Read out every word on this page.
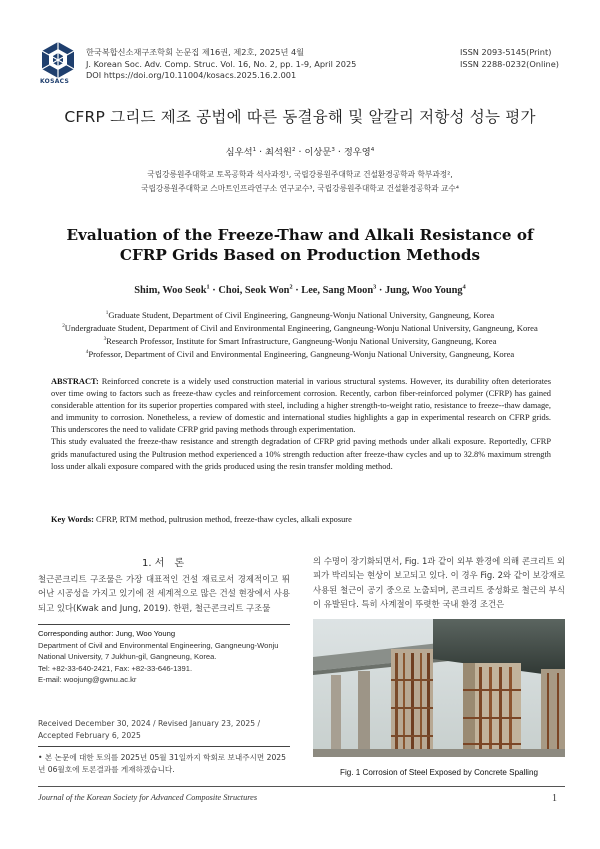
KOSACS
한국복합신소재구조학회 논문집 제16권, 제2호, 2025년 4월
J. Korean Soc. Adv. Comp. Struc. Vol. 16, No. 2, pp. 1-9, April 2025
DOI https://doi.org/10.11004/kosacs.2025.16.2.001
ISSN 2093-5145(Print)
ISSN 2288-0232(Online)
CFRP 그리드 제조 공법에 따른 동결융해 및 알칼리 저항성 성능 평가
심우석$^1$ · 최석원$^2$ · 이상문$^3$ · 정우영$^4$
국립강릉원주대학교 토목공학과 석사과정¹, 국립강릉원주대학교 건설환경공학과 학부과정²,
국립강릉원주대학교 스마트인프라연구소 연구교수³, 국립강릉원주대학교 건설환경공학과 교수⁴
Evaluation of the Freeze-Thaw and Alkali Resistance of
CFRP Grids Based on Production Methods
Shim, Woo Seok$^1$ · Choi, Seok Won$^2$ · Lee, Sang Moon$^3$ · Jung, Woo Young$^4$
$^1$Graduate Student, Department of Civil Engineering, Gangneung-Wonju National University, Gangneung, Korea
$^2$Undergraduate Student, Department of Civil and Environmental Engineering, Gangneung-Wonju National University, Gangneung, Korea
$^3$Research Professor, Institute for Smart Infrastructure, Gangneung-Wonju National University, Gangneung, Korea
$^4$Professor, Department of Civil and Environmental Engineering, Gangneung-Wonju National University, Gangneung, Korea

ABSTRACT: Reinforced concrete is a widely used construction material in various structural systems. However, its durability often deteriorates over time owing to factors such as freeze-thaw cycles and reinforcement corrosion. Recently, carbon fiber-reinforced polymer (CFRP) has gained considerable attention for its superior properties compared with steel, including a higher strength-to-weight ratio, resistance to freeze--thaw damage, and immunity to corrosion. Nonetheless, a review of domestic and international studies highlights a gap in experimental research on CFRP grids. This underscores the need to validate CFRP grid paving methods through experimentation.

This study evaluated the freeze-thaw resistance and strength degradation of CFRP grid paving methods under alkali exposure. Reportedly, CFRP grids manufactured using the Pultrusion method experienced a 10% strength reduction after freeze-thaw cycles and up to 32.8% maximum strength loss under alkali exposure compared with the grids produced using the resin transfer molding method.

Key Words: CFRP, RTM method, pultrusion method, freeze-thaw cycles, alkali exposure
1. 서　론
철근콘크리트 구조물은 가장 대표적인 건설 재료로서 경제적이고 뛰어난 시공성을 가지고 있기에 전 세계적으로 많은 건설 현장에서 사용되고 있다(Kwak and Jung, 2019). 한편, 철근콘크리트 구조물
의 수명이 장기화되면서, Fig. 1과 같이 외부 환경에 의해 콘크리트 외피가 박리되는 현상이 보고되고 있다. 이 경우 Fig. 2와 같이 보강재로 사용된 철근이 공기 중으로 노출되며, 콘크리트 중성화로 철근의 부식이 유발된다. 특히 사계절이 뚜렷한 국내 환경 조건은
Corresponding author: Jung, Woo Young
Department of Civil and Environmental Engineering, Gangneung-Wonju National University, 7 Jukhun-gil, Gangneung, Korea.
Tel: +82-33-640-2421, Fax: +82-33-646-1391.
E-mail: woojung@gwnu.ac.kr
Received December 30, 2024 / Revised January 23, 2025 / Accepted February 6, 2025
• 본 논문에 대한 토의를 2025년 05월 31일까지 학회로 보내주시면 2025년 06월호에 토론결과를 게재하겠습니다.	Fig. 1 Corrosion of Steel Exposed by Concrete Spalling
Journal of the Korean Society for Advanced Composite Structures	1
